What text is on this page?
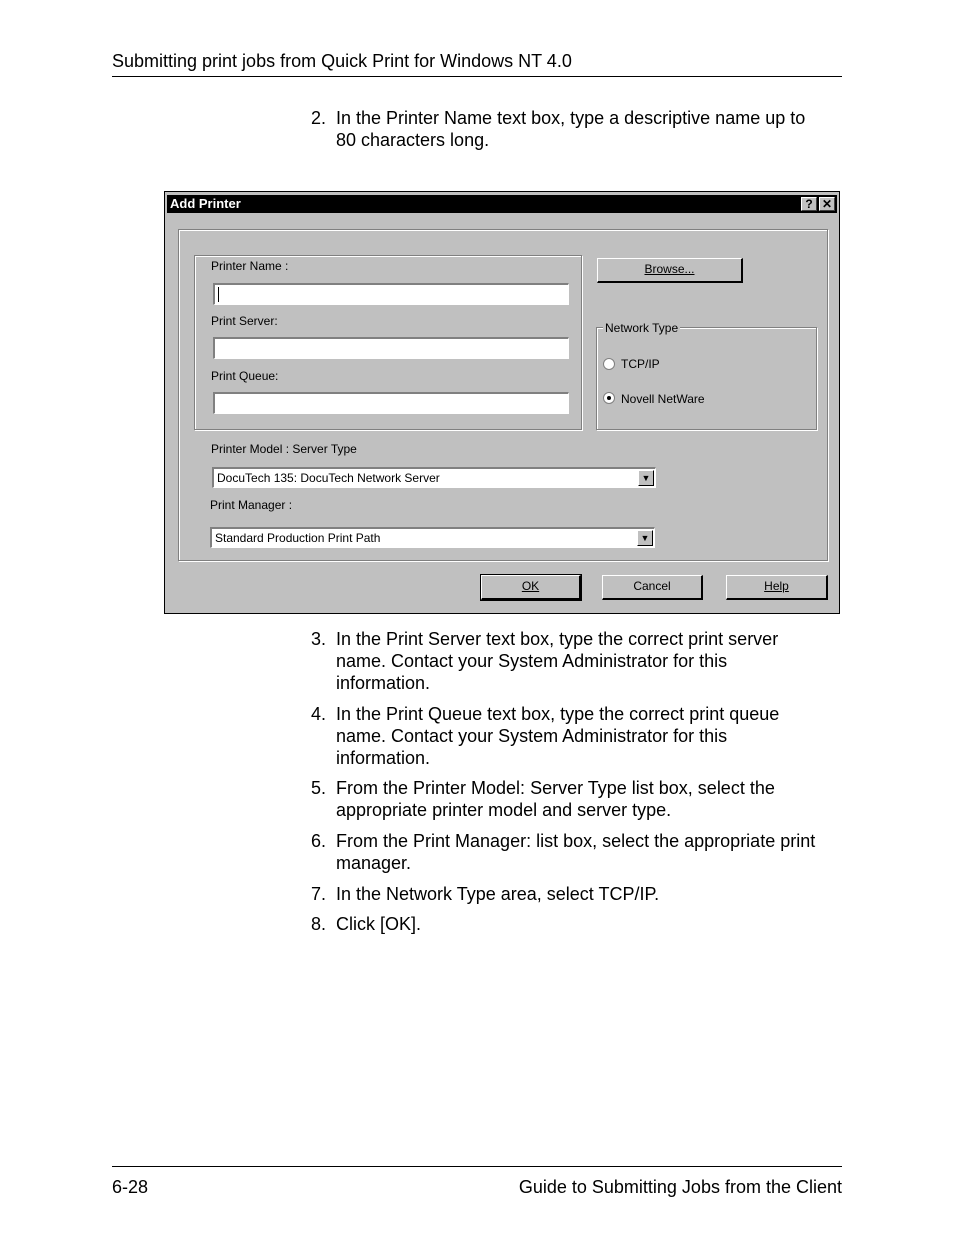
Submitting print jobs from Quick Print for Windows NT 4.0
2. In the Printer Name text box, type a descriptive name up to
80 characters long.
Add Printer	? ✕
Printer Name :
Print Server:
Print Queue:
Browse...
Network Type
TCP/IP
Novell NetWare
Printer Model : Server Type
DocuTech 135: DocuTech Network Server	▼
Print Manager :
Standard Production Print Path	▼
OK	Cancel	Help
3. In the Print Server text box, type the correct print server
name. Contact your System Administrator for this
information.
4. In the Print Queue text box, type the correct print queue
name. Contact your System Administrator for this
information.
5. From the Printer Model: Server Type list box, select the
appropriate printer model and server type.
6. From the Print Manager: list box, select the appropriate print
manager.
7. In the Network Type area, select TCP/IP.
8. Click [OK].
6-28	Guide to Submitting Jobs from the Client
